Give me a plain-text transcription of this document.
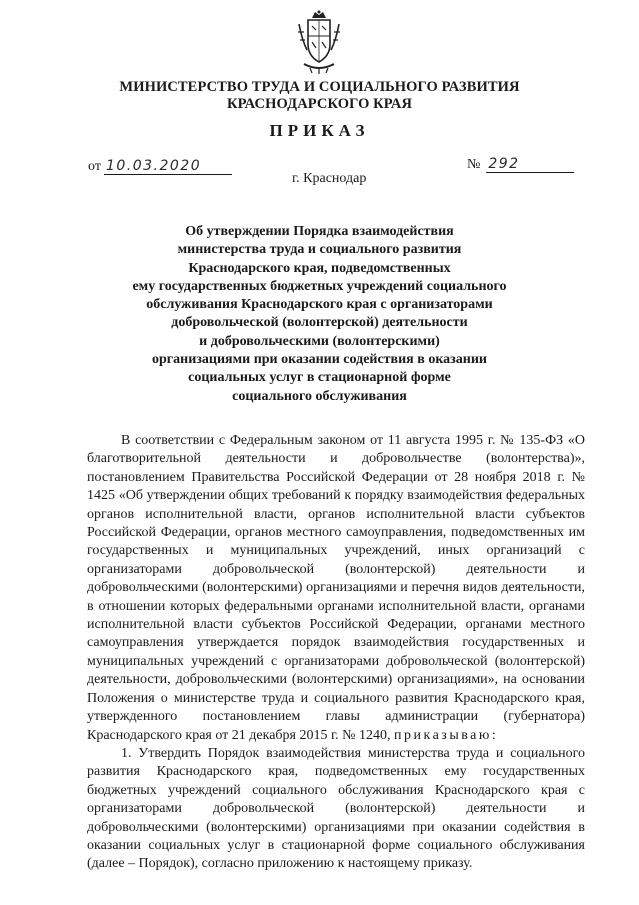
МИНИСТЕРСТВО ТРУДА И СОЦИАЛЬНОГО РАЗВИТИЯ
КРАСНОДАРСКОГО КРАЯ
ПРИКАЗ
от 10.03.2020	№ 292
г. Краснодар
Об утверждении Порядка взаимодействия
министерства труда и социального развития
Краснодарского края, подведомственных
ему государственных бюджетных учреждений социального
обслуживания Краснодарского края с организаторами
добровольческой (волонтерской) деятельности
и добровольческими (волонтерскими)
организациями при оказании содействия в оказании
социальных услуг в стационарной форме
социального обслуживания

В соответствии с Федеральным законом от 11 августа 1995 г. № 135-ФЗ «О благотворительной деятельности и добровольчестве (волонтерства)», постановлением Правительства Российской Федерации от 28 ноября 2018 г. № 1425 «Об утверждении общих требований к порядку взаимодействия федеральных органов исполнительной власти, органов исполнительной власти субъектов Российской Федерации, органов местного самоуправления, подведомственных им государственных и муниципальных учреждений, иных организаций с организаторами добровольческой (волонтерской) деятельности и добровольческими (волонтерскими) организациями и перечня видов деятельности, в отношении которых федеральными органами исполнительной власти, органами исполнительной власти субъектов Российской Федерации, органами местного самоуправления утверждается порядок взаимодействия государственных и муниципальных учреждений с организаторами добровольческой (волонтерской) деятельности, добровольческими (волонтерскими) организациями», на основании Положения о министерстве труда и социального развития Краснодарского края, утвержденного постановлением главы администрации (губернатора) Краснодарского края от 21 декабря 2015 г. № 1240, приказываю:

1. Утвердить Порядок взаимодействия министерства труда и социального развития Краснодарского края, подведомственных ему государственных бюджетных учреждений социального обслуживания Краснодарского края с организаторами добровольческой (волонтерской) деятельности и добровольческими (волонтерскими) организациями при оказании содействия в оказании социальных услуг в стационарной форме социального обслуживания (далее – Порядок), согласно приложению к настоящему приказу.
